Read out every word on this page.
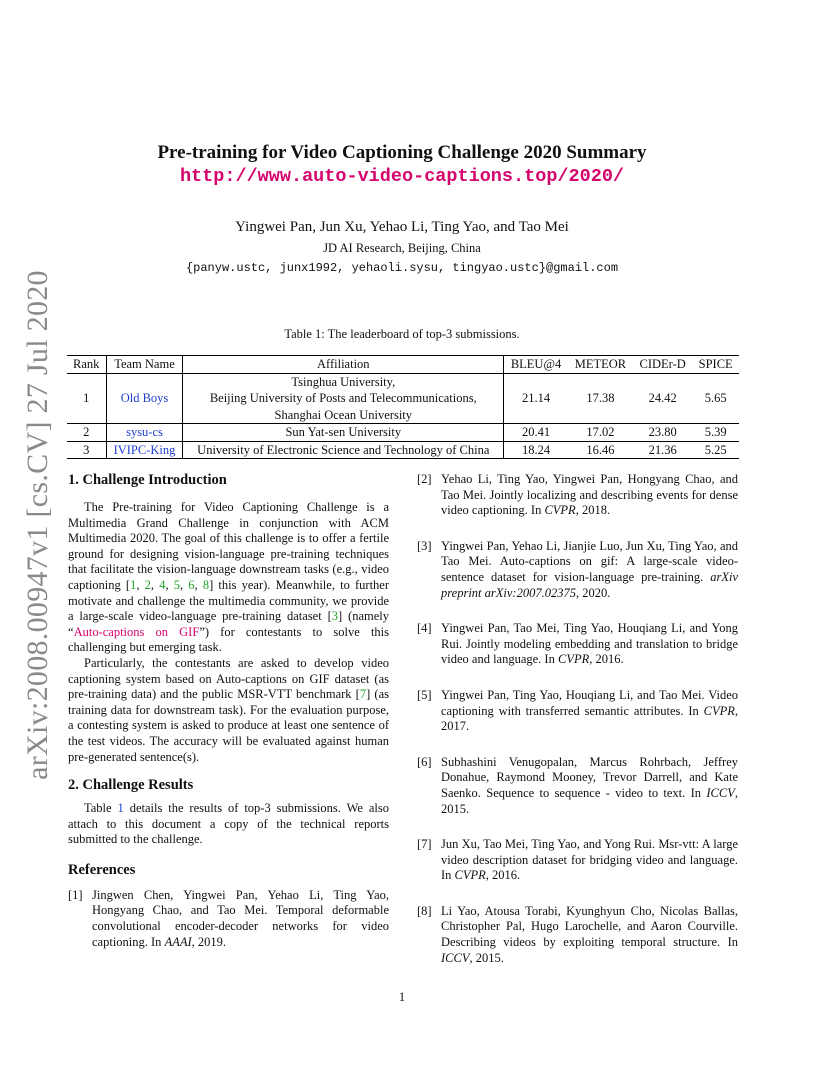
arXiv:2008.00947v1 [cs.CV] 27 Jul 2020
Pre-training for Video Captioning Challenge 2020 Summary
http://www.auto-video-captions.top/2020/
Yingwei Pan, Jun Xu, Yehao Li, Ting Yao, and Tao Mei
JD AI Research, Beijing, China
{panyw.ustc, junx1992, yehaoli.sysu, tingyao.ustc}@gmail.com
Table 1: The leaderboard of top-3 submissions.
Rank	Team Name	Affiliation	BLEU@4	METEOR	CIDEr-D	SPICE
1	Old Boys	Tsinghua University,
Beijing University of Posts and Telecommunications,
Shanghai Ocean University	21.14	17.38	24.42	5.65
2	sysu-cs	Sun Yat-sen University	20.41	17.02	23.80	5.39
3	IVIPC-King	University of Electronic Science and Technology of China	18.24	16.46	21.36	5.25
1. Challenge Introduction

The Pre-training for Video Captioning Challenge is a Multimedia Grand Challenge in conjunction with ACM Multimedia 2020. The goal of this challenge is to offer a fertile ground for designing vision-language pre-training techniques that facilitate the vision-language downstream tasks (e.g., video captioning [1, 2, 4, 5, 6, 8] this year). Meanwhile, to further motivate and challenge the multimedia community, we provide a large-scale video-language pre-training dataset [3] (namely “Auto-captions on GIF”) for contestants to solve this challenging but emerging task.

Particularly, the contestants are asked to develop video captioning system based on Auto-captions on GIF dataset (as pre-training data) and the public MSR-VTT benchmark [7] (as training data for downstream task). For the evaluation purpose, a contesting system is asked to produce at least one sentence of the test videos. The accuracy will be evaluated against human pre-generated sentence(s).

2. Challenge Results

Table 1 details the results of top-3 submissions. We also attach to this document a copy of the technical reports submitted to the challenge.

References

[1] Jingwen Chen, Yingwei Pan, Yehao Li, Ting Yao, Hongyang Chao, and Tao Mei. Temporal deformable convolutional encoder-decoder networks for video captioning. In AAAI, 2019.

[2] Yehao Li, Ting Yao, Yingwei Pan, Hongyang Chao, and Tao Mei. Jointly localizing and describing events for dense video captioning. In CVPR, 2018.

[3] Yingwei Pan, Yehao Li, Jianjie Luo, Jun Xu, Ting Yao, and Tao Mei. Auto-captions on gif: A large-scale video-sentence dataset for vision-language pre-training. arXiv preprint arXiv:2007.02375, 2020.

[4] Yingwei Pan, Tao Mei, Ting Yao, Houqiang Li, and Yong Rui. Jointly modeling embedding and translation to bridge video and language. In CVPR, 2016.

[5] Yingwei Pan, Ting Yao, Houqiang Li, and Tao Mei. Video captioning with transferred semantic attributes. In CVPR, 2017.

[6] Subhashini Venugopalan, Marcus Rohrbach, Jeffrey Donahue, Raymond Mooney, Trevor Darrell, and Kate Saenko. Sequence to sequence - video to text. In ICCV, 2015.

[7] Jun Xu, Tao Mei, Ting Yao, and Yong Rui. Msr-vtt: A large video description dataset for bridging video and language. In CVPR, 2016.

[8] Li Yao, Atousa Torabi, Kyunghyun Cho, Nicolas Ballas, Christopher Pal, Hugo Larochelle, and Aaron Courville. Describing videos by exploiting temporal structure. In ICCV, 2015.

1
